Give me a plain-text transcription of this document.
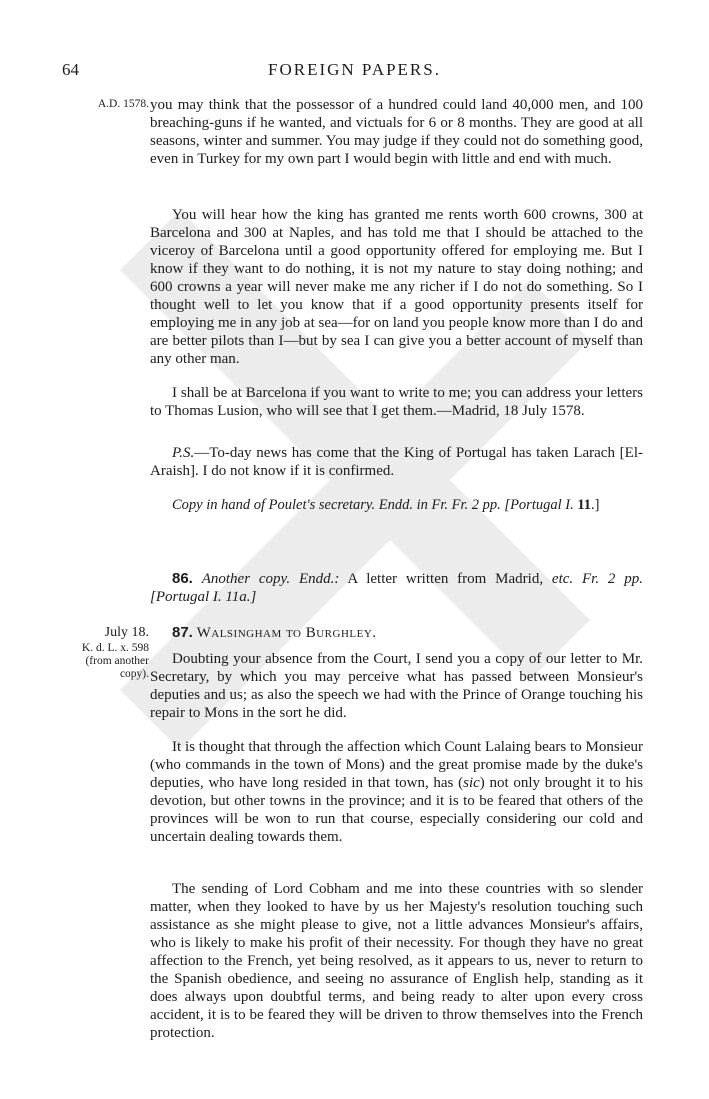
64	FOREIGN PAPERS.
A.D. 1578. you may think that the possessor of a hundred could land 40,000 men, and 100 breaching-guns if he wanted, and victuals for 6 or 8 months. They are good at all seasons, winter and summer. You may judge if they could not do something good, even in Turkey for my own part I would begin with little and end with much.

You will hear how the king has granted me rents worth 600 crowns, 300 at Barcelona and 300 at Naples, and has told me that I should be attached to the viceroy of Barcelona until a good opportunity offered for employing me. But I know if they want to do nothing, it is not my nature to stay doing nothing; and 600 crowns a year will never make me any richer if I do not do something. So I thought well to let you know that if a good opportunity presents itself for employing me in any job at sea—for on land you people know more than I do and are better pilots than I—but by sea I can give you a better account of myself than any other man.

I shall be at Barcelona if you want to write to me; you can address your letters to Thomas Lusion, who will see that I get them.—Madrid, 18 July 1578.

P.S.—To-day news has come that the King of Portugal has taken Larach [El-Araish]. I do not know if it is confirmed.

Copy in hand of Poulet's secretary. Endd. in Fr. Fr. 2 pp. [Portugal I. 11.]

86. Another copy. Endd.: A letter written from Madrid, etc. Fr. 2 pp. [Portugal I. 11a.]

July 18.
K. d. L. x. 598
(from another
copy).

87. Walsingham to Burghley.

Doubting your absence from the Court, I send you a copy of our letter to Mr. Secretary, by which you may perceive what has passed between Monsieur's deputies and us; as also the speech we had with the Prince of Orange touching his repair to Mons in the sort he did.

It is thought that through the affection which Count Lalaing bears to Monsieur (who commands in the town of Mons) and the great promise made by the duke's deputies, who have long resided in that town, has (sic) not only brought it to his devotion, but other towns in the province; and it is to be feared that others of the provinces will be won to run that course, especially considering our cold and uncertain dealing towards them.

The sending of Lord Cobham and me into these countries with so slender matter, when they looked to have by us her Majesty's resolution touching such assistance as she might please to give, not a little advances Monsieur's affairs, who is likely to make his profit of their necessity. For though they have no great affection to the French, yet being resolved, as it appears to us, never to return to the Spanish obedience, and seeing no assurance of English help, standing as it does always upon doubtful terms, and being ready to alter upon every cross accident, it is to be feared they will be driven to throw themselves into the French protection.
